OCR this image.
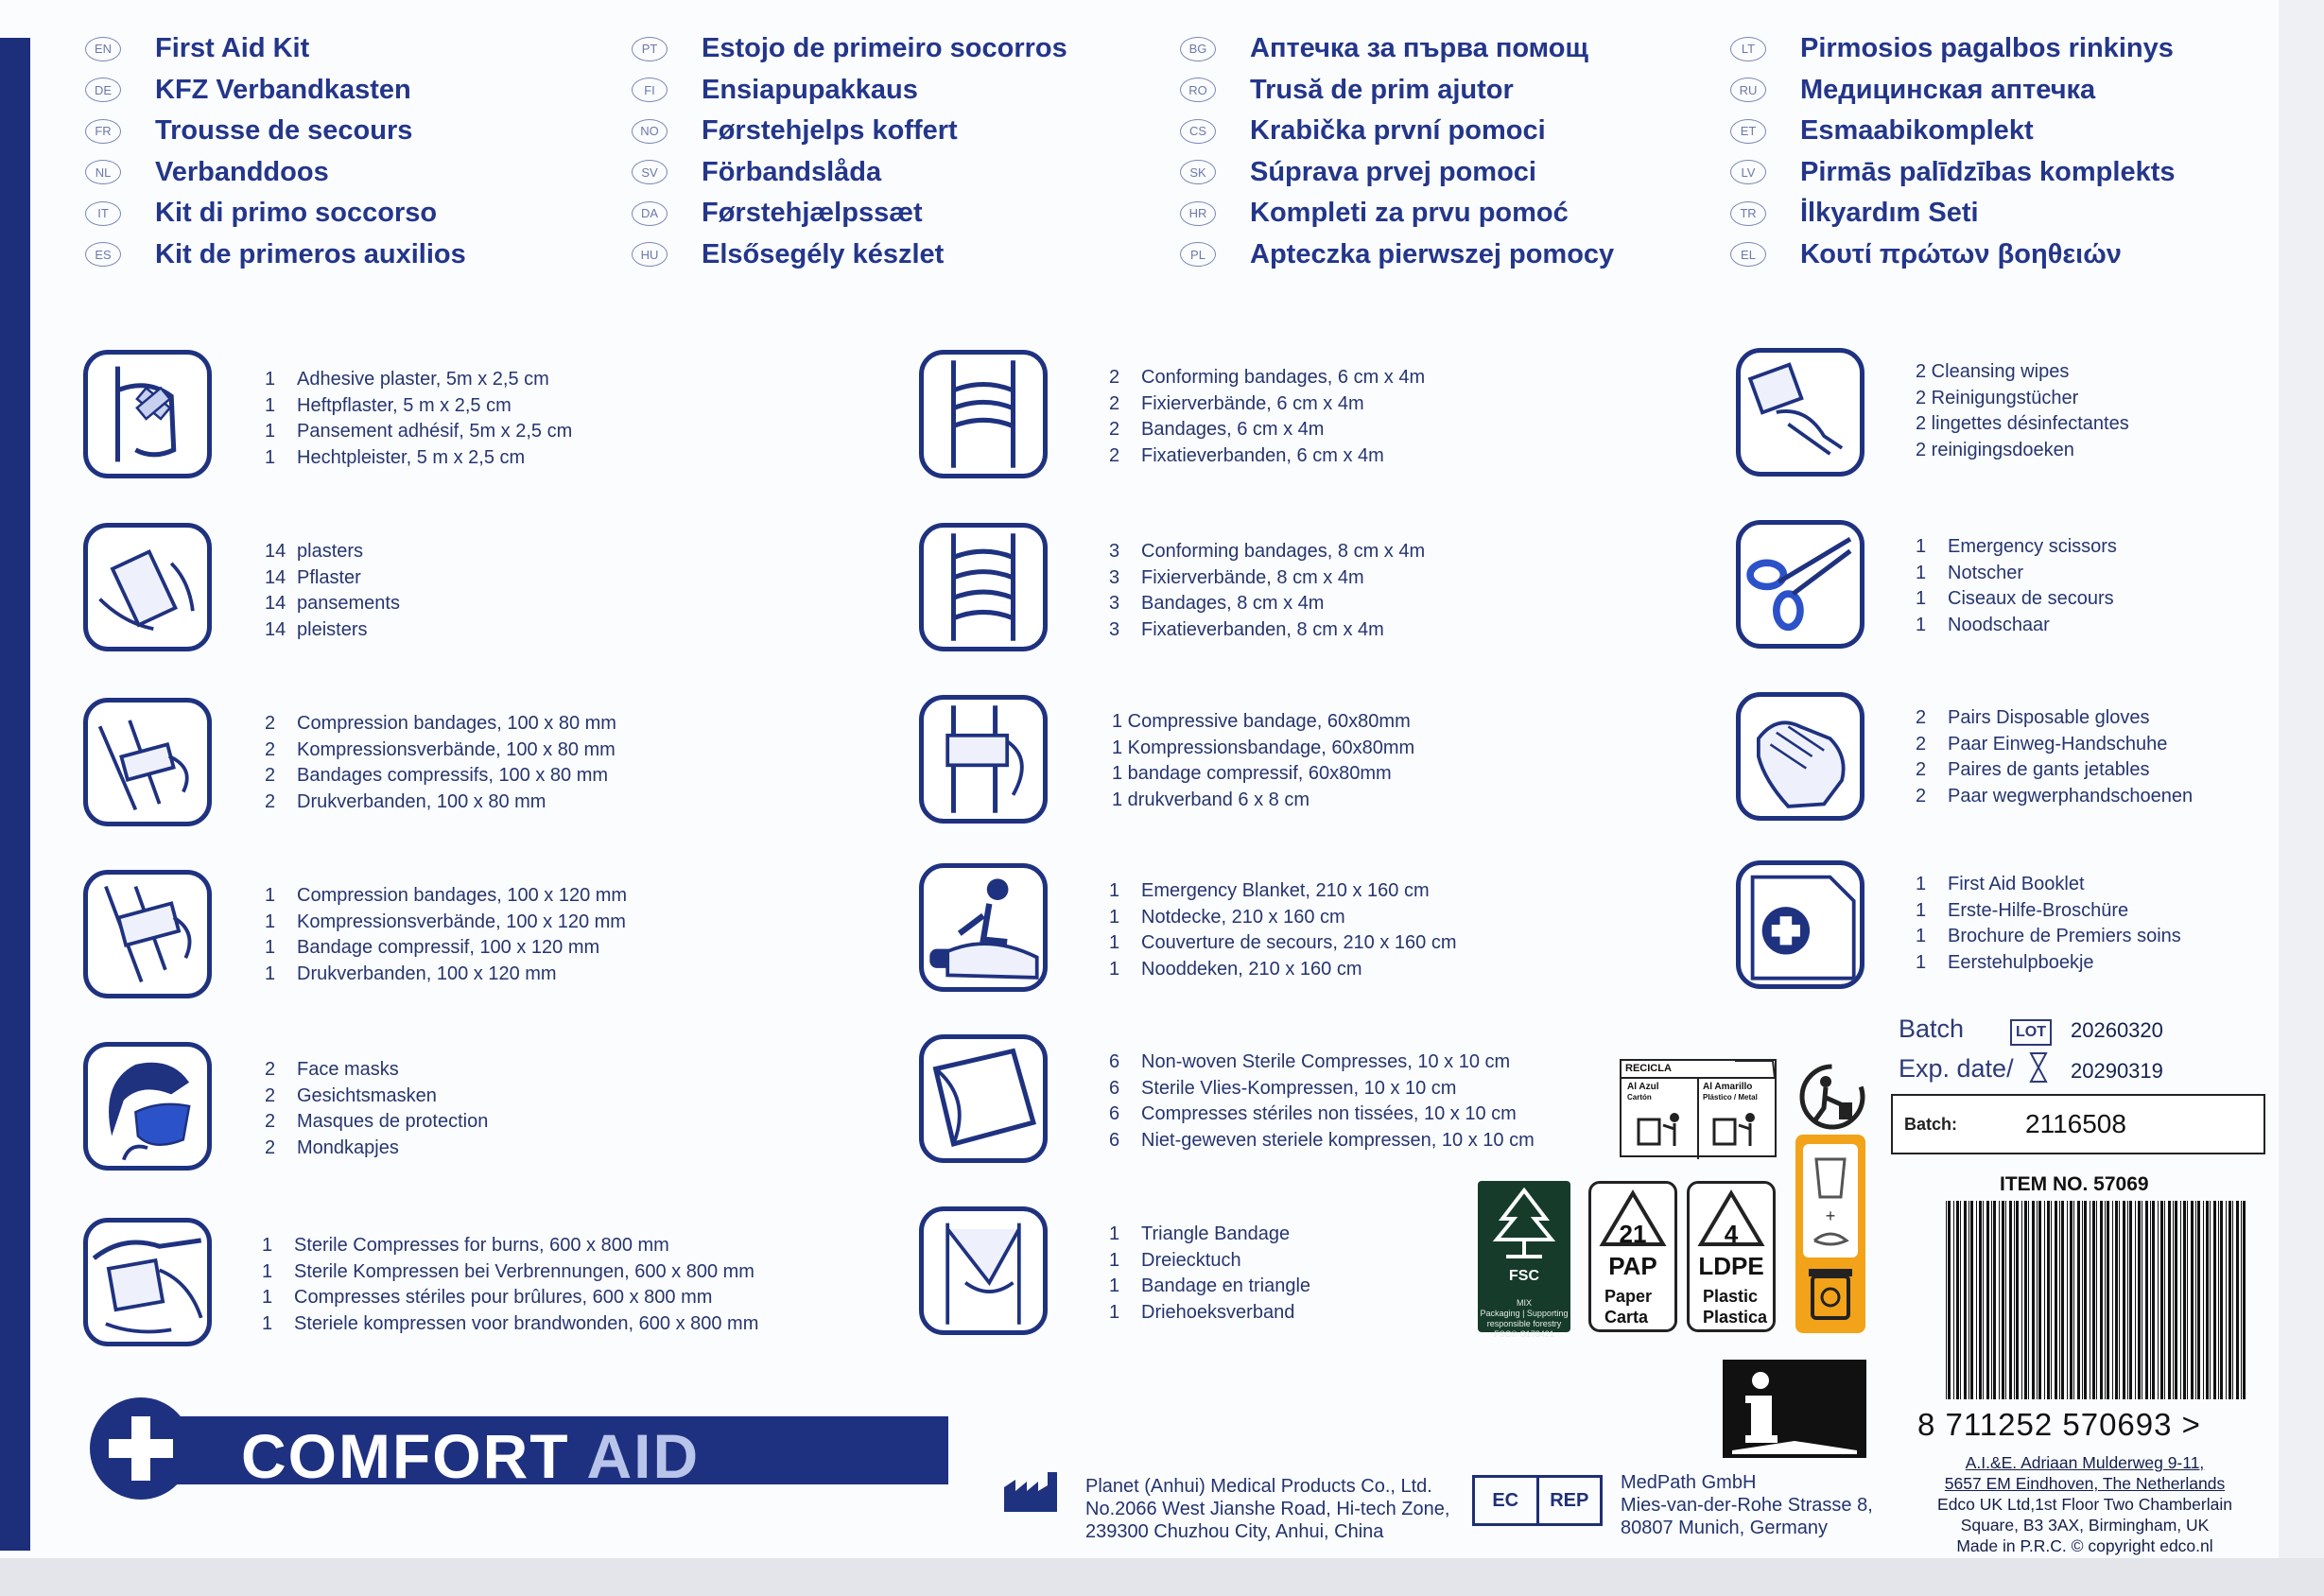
EN	First Aid Kit
DE	KFZ Verbandkasten
FR	Trousse de secours
NL	Verbanddoos
IT	Kit di primo soccorso
ES	Kit de primeros auxilios
PT	Estojo de primeiro socorros
FI	Ensiapupakkaus
NO	Førstehjelps koffert
SV	Förbandslåda
DA	Førstehjælpssæt
HU	Elsősegély készlet
BG	Аптечка за първа помощ
RO	Trusă de prim ajutor
CS	Krabička první pomoci
SK	Súprava prvej pomoci
HR	Kompleti za prvu pomoć
PL	Apteczka pierwszej pomocy
LT	Pirmosios pagalbos rinkinys
RU	Медицинская аптечка
ET	Esmaabikomplekt
LV	Pirmās palīdzības komplekts
TR	İlkyardım Seti
EL	Κουτί πρώτων βοηθειών
1 Adhesive plaster, 5m x 2,5 cm
1 Heftpflaster, 5 m x 2,5 cm
1 Pansement adhésif, 5m x 2,5 cm
1 Hechtpleister, 5 m x 2,5 cm
14 plasters
14 Pflaster
14 pansements
14 pleisters
2 Compression bandages, 100 x 80 mm
2 Kompressionsverbände, 100 x 80 mm
2 Bandages compressifs, 100 x 80 mm
2 Drukverbanden, 100 x 80 mm
1 Compression bandages, 100 x 120 mm
1 Kompressionsverbände, 100 x 120 mm
1 Bandage compressif, 100 x 120 mm
1 Drukverbanden, 100 x 120 mm
2 Face masks
2 Gesichtsmasken
2 Masques de protection
2 Mondkapjes
1 Sterile Compresses for burns, 600 x 800 mm
1 Sterile Kompressen bei Verbrennungen, 600 x 800 mm
1 Compresses stériles pour brûlures, 600 x 800 mm
1 Steriele kompressen voor brandwonden, 600 x 800 mm
2 Conforming bandages, 6 cm x 4m
2 Fixierverbände, 6 cm x 4m
2 Bandages, 6 cm x 4m
2 Fixatieverbanden, 6 cm x 4m
3 Conforming bandages, 8 cm x 4m
3 Fixierverbände, 8 cm x 4m
3 Bandages, 8 cm x 4m
3 Fixatieverbanden, 8 cm x 4m
1 Compressive bandage, 60x80mm
1 Kompressionsbandage, 60x80mm
1 bandage compressif, 60x80mm
1 drukverband 6 x 8 cm
1 Emergency Blanket, 210 x 160 cm
1 Notdecke, 210 x 160 cm
1 Couverture de secours, 210 x 160 cm
1 Nooddeken, 210 x 160 cm
6 Non-woven Sterile Compresses, 10 x 10 cm
6 Sterile Vlies-Kompressen, 10 x 10 cm
6 Compresses stériles non tissées, 10 x 10 cm
6 Niet-geweven steriele kompressen, 10 x 10 cm
1 Triangle Bandage
1 Dreiecktuch
1 Bandage en triangle
1 Driehoeksverband
2 Cleansing wipes
2 Reinigungstücher
2 lingettes désinfectantes
2 reinigingsdoeken
1 Emergency scissors
1 Notscher
1 Ciseaux de secours
1 Noodschaar
2 Pairs Disposable gloves
2 Paar Einweg-Handschuhe
2 Paires de gants jetables
2 Paar wegwerphandschoenen
1 First Aid Booklet
1 Erste-Hilfe-Broschüre
1 Brochure de Premiers soins
1 Eerstehulpboekje
Batch	LOT 20260320
Exp. date/	20290319
Batch:	2116508
ITEM NO. 57069
8 711252 570693 >
A.I.&E. Adriaan Mulderweg 9-11,
5657 EM Eindhoven, The Netherlands
Edco UK Ltd,1st Floor Two Chamberlain
Square, B3 3AX, Birmingham, UK
Made in P.R.C. © copyright edco.nl
RECICLA
Al Azul
Cartón
Al Amarillo
Plástico / Metal
+
FSC
MIX
Packaging | Supporting responsible forestry
FSC® C178421
21
PAP
Paper
Carta
4
LDPE
Plastic
Plastica
COMFORT AID	Planet (Anhui) Medical Products Co., Ltd.
No.2066 West Jianshe Road, Hi-tech Zone,
239300 Chuzhou City, Anhui, China
EC	REP
MedPath GmbH
Mies-van-der-Rohe Strasse 8,
80807 Munich, Germany
